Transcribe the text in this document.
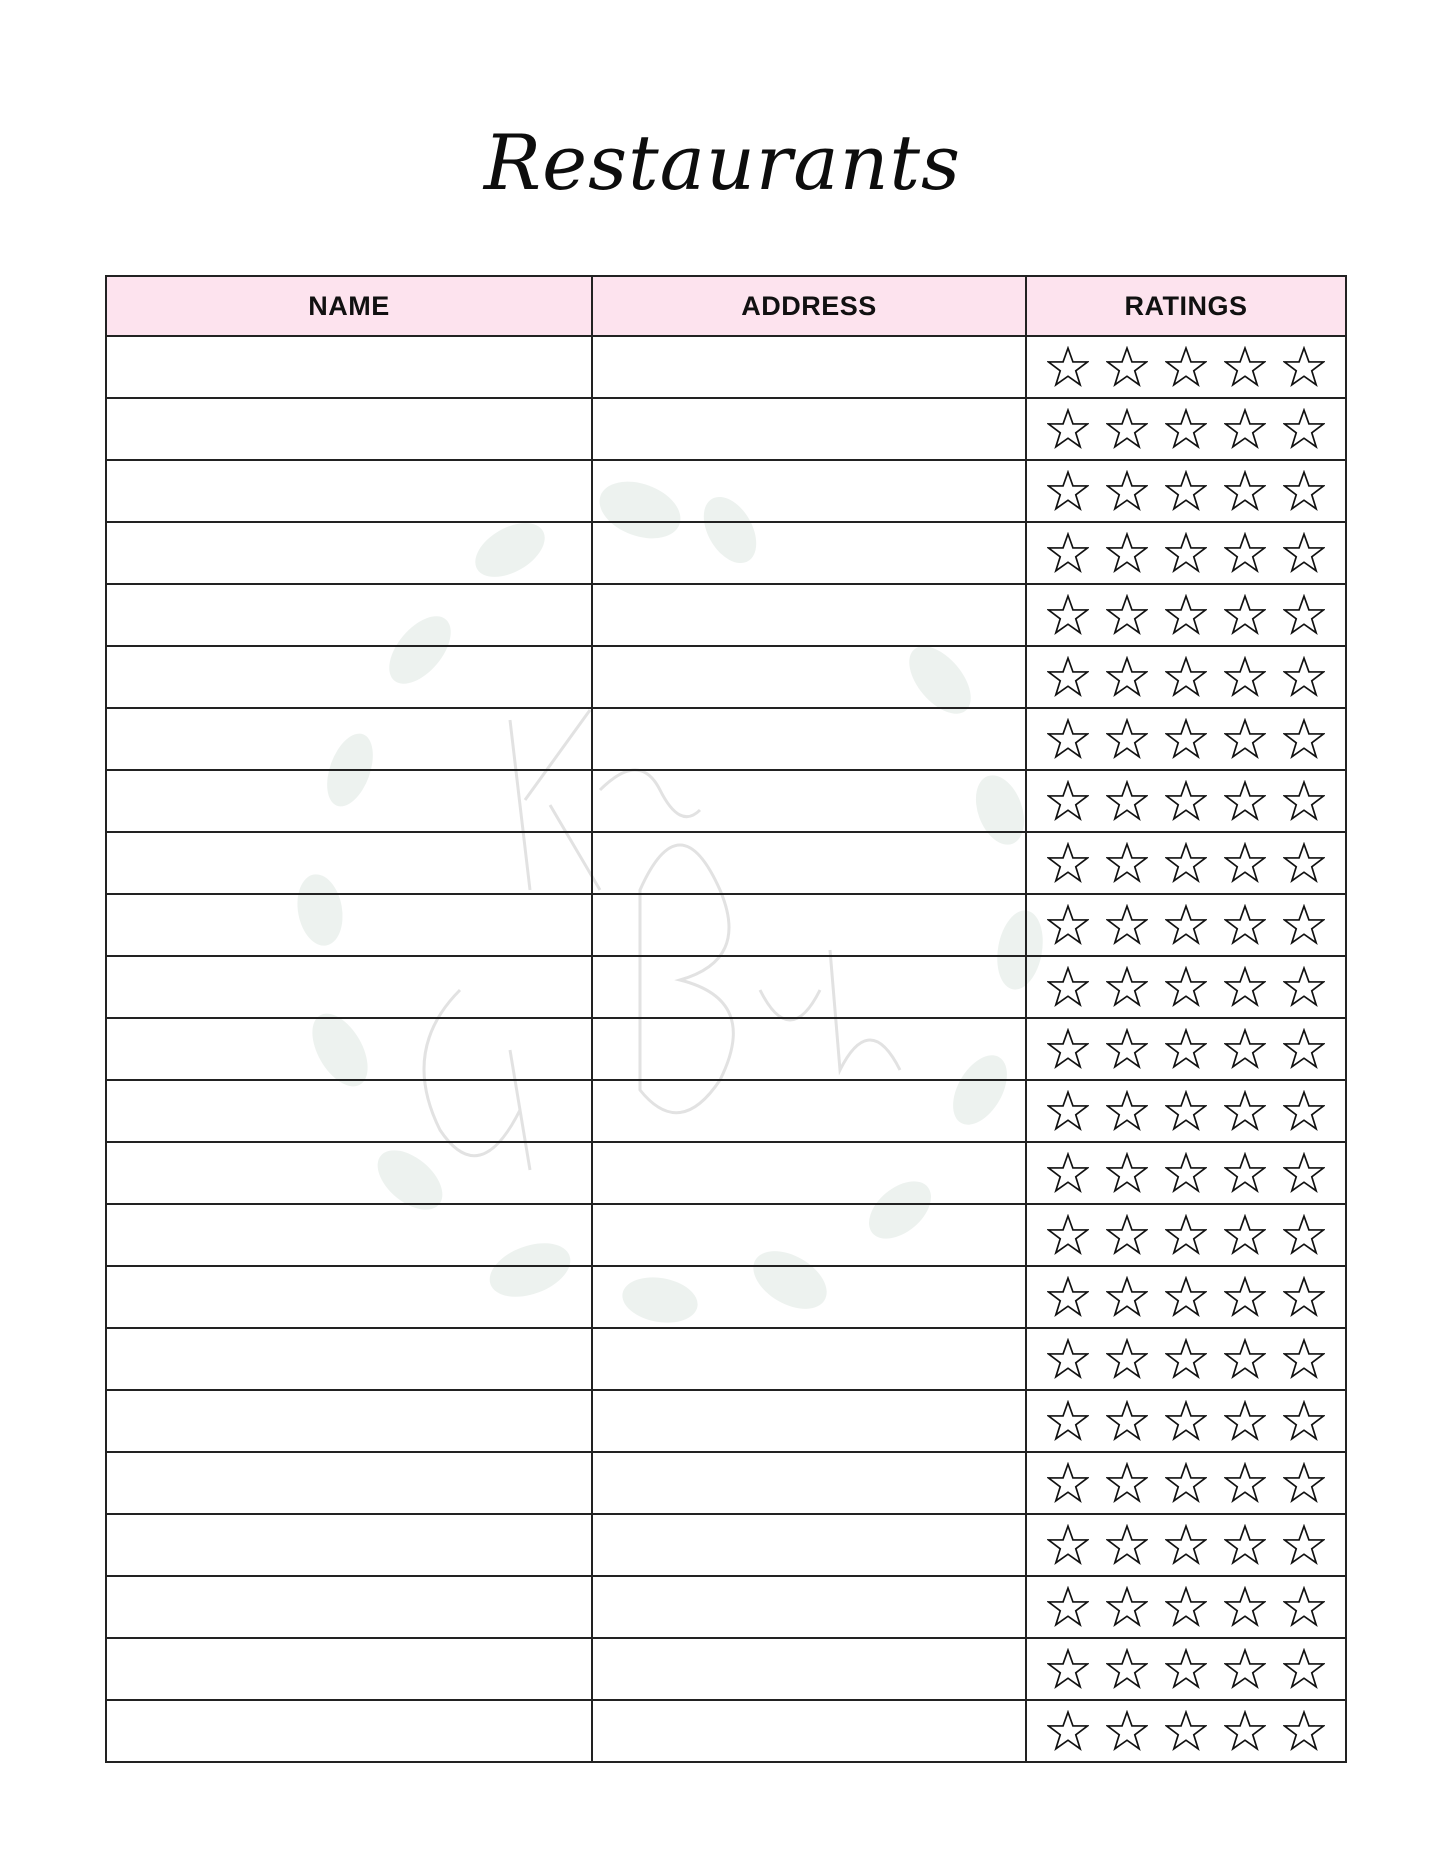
Restaurants
NAME	ADDRESS	RATINGS
